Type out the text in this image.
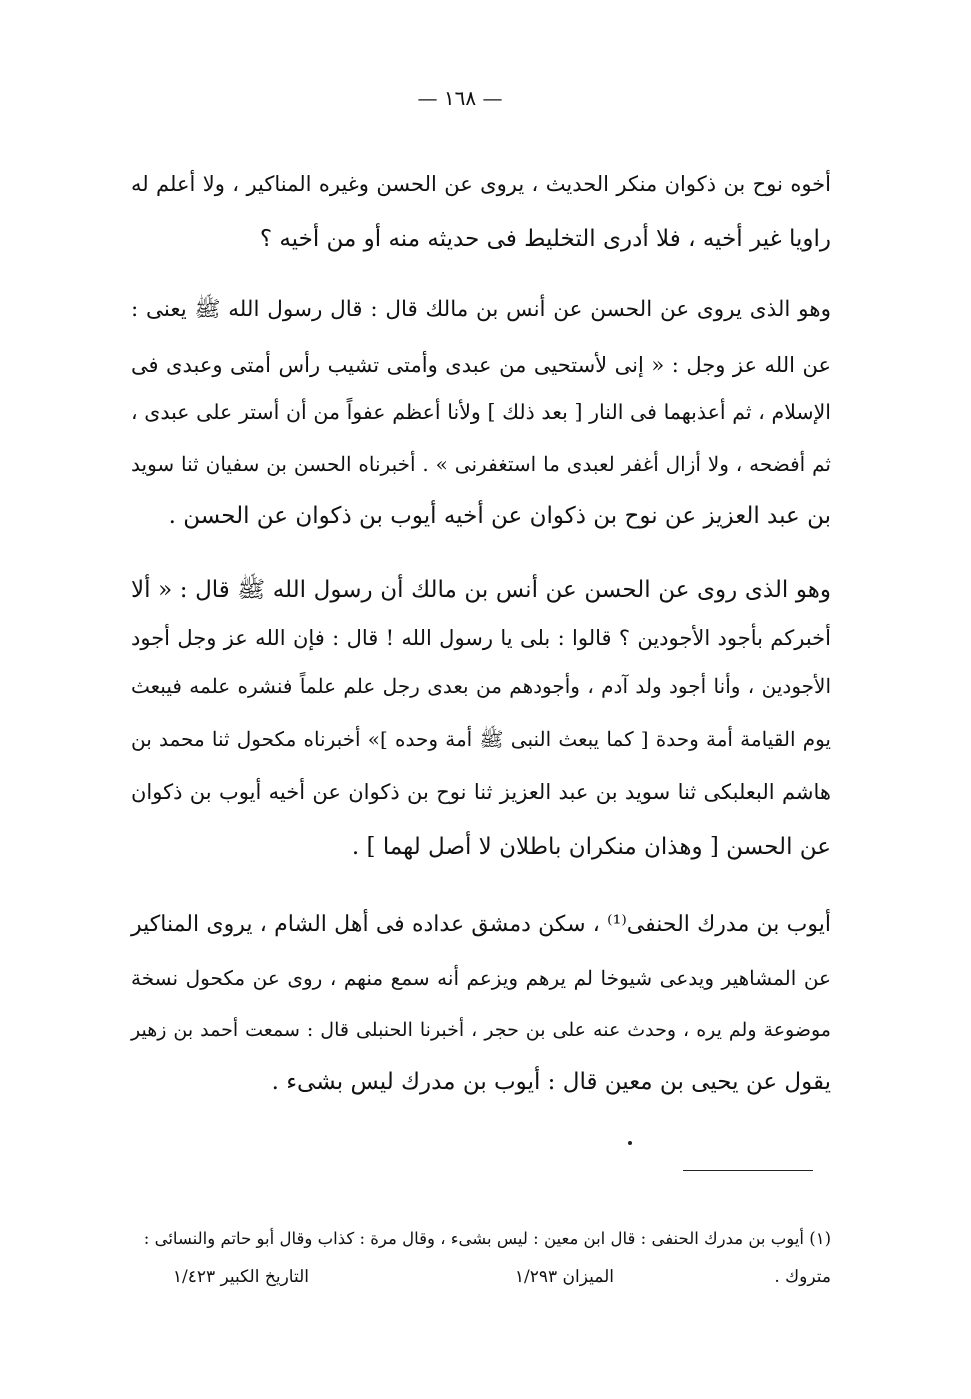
— ١٦٨ —
أخوه نوح بن ذكوان منكر الحديث ، يروى عن الحسن وغيره المناكير ، ولا أعلم له
راويا غير أخيه ، فلا أدرى التخليط فى حديثه منه أو من أخيه ؟
وهو الذى يروى عن الحسن عن أنس بن مالك قال : قال رسول الله ﷺ يعنى :
عن الله عز وجل : « إنى لأستحيى من عبدى وأمتى تشيب رأس أمتى وعبدى فى
الإسلام ، ثم أعذبهما فى النار [ بعد ذلك ] ولأنا أعظم عفواً من أن أستر على عبدى ،
ثم أفضحه ، ولا أزال أغفر لعبدى ما استغفرنى » . أخبرناه الحسن بن سفيان ثنا سويد
بن عبد العزيز عن نوح بن ذكوان عن أخيه أيوب بن ذكوان عن الحسن .
وهو الذى روى عن الحسن عن أنس بن مالك أن رسول الله ﷺ قال : « ألا
أخبركم بأجود الأجودين ؟ قالوا : بلى يا رسول الله ! قال : فإن الله عز وجل أجود
الأجودين ، وأنا أجود ولد آدم ، وأجودهم من بعدى رجل علم علماً فنشره علمه فيبعث
يوم القيامة أمة وحدة [ كما يبعث النبى ﷺ أمة وحده ]» أخبرناه مكحول ثنا محمد بن
هاشم البعلبكى ثنا سويد بن عبد العزيز ثنا نوح بن ذكوان عن أخيه أيوب بن ذكوان
عن الحسن [ وهذان منكران باطلان لا أصل لهما ] .
أيوب بن مدرك الحنفى⁽¹⁾ ، سكن دمشق عداده فى أهل الشام ، يروى المناكير
عن المشاهير ويدعى شيوخا لم يرهم ويزعم أنه سمع منهم ، روى عن مكحول نسخة
موضوعة ولم يره ، وحدث عنه على بن حجر ، أخبرنا الحنبلى قال : سمعت أحمد بن زهير
يقول عن يحيى بن معين قال : أيوب بن مدرك ليس بشىء .
(١) أيوب بن مدرك الحنفى : قال ابن معين : ليس بشىء ، وقال مرة : كذاب وقال أبو حاتم والنسائى :
متروك .
الميزان ١/٢٩٣
التاريخ الكبير ١/٤٢٣
